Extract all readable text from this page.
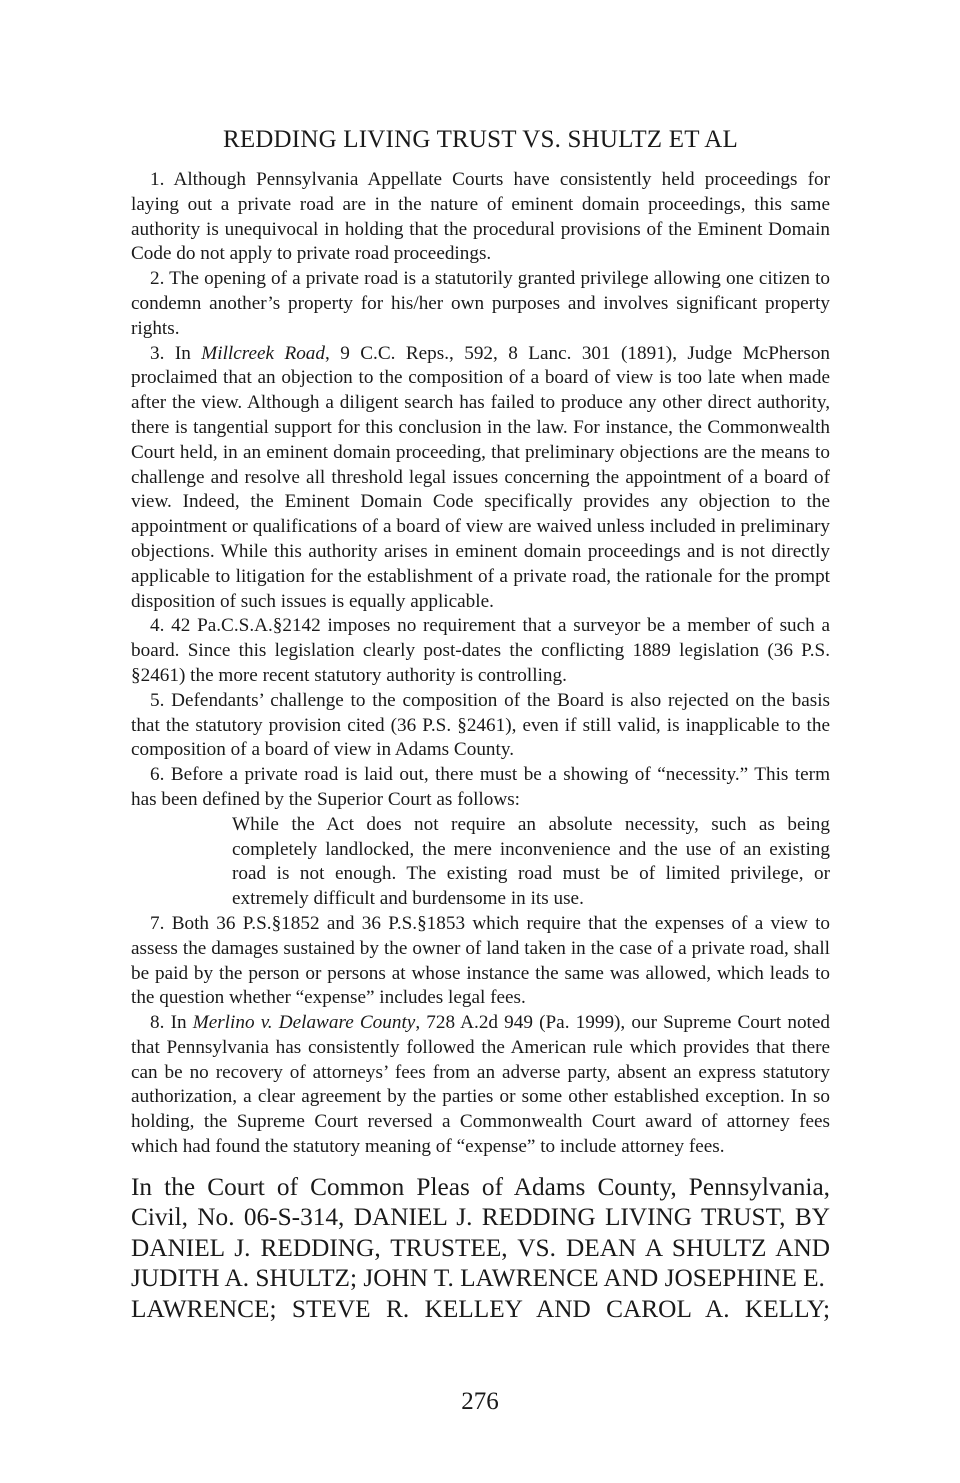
REDDING LIVING TRUST VS. SHULTZ ET AL

1. Although Pennsylvania Appellate Courts have consistently held proceedings for laying out a private road are in the nature of eminent domain proceedings, this same authority is unequivocal in holding that the procedural provisions of the Eminent Domain Code do not apply to private road proceedings.

2. The opening of a private road is a statutorily granted privilege allowing one citizen to condemn another’s property for his/her own purposes and involves significant property rights.

3. In Millcreek Road, 9 C.C. Reps., 592, 8 Lanc. 301 (1891), Judge McPherson proclaimed that an objection to the composition of a board of view is too late when made after the view. Although a diligent search has failed to produce any other direct authority, there is tangential support for this conclusion in the law. For instance, the Commonwealth Court held, in an eminent domain proceeding, that preliminary objections are the means to challenge and resolve all threshold legal issues concerning the appointment of a board of view. Indeed, the Eminent Domain Code specifically provides any objection to the appointment or qualifications of a board of view are waived unless included in preliminary objections. While this authority arises in eminent domain proceedings and is not directly applicable to litigation for the establishment of a private road, the rationale for the prompt disposition of such issues is equally applicable.

4. 42 Pa.C.S.A.§2142 imposes no requirement that a surveyor be a member of such a board. Since this legislation clearly post-dates the conflicting 1889 legislation (36 P.S. §2461) the more recent statutory authority is controlling.

5. Defendants’ challenge to the composition of the Board is also rejected on the basis that the statutory provision cited (36 P.S. §2461), even if still valid, is inapplicable to the composition of a board of view in Adams County.

6. Before a private road is laid out, there must be a showing of “necessity.” This term has been defined by the Superior Court as follows:

While the Act does not require an absolute necessity, such as being completely landlocked, the mere inconvenience and the use of an existing road is not enough. The existing road must be of limited privilege, or extremely difficult and burdensome in its use.

7. Both 36 P.S.§1852 and 36 P.S.§1853 which require that the expenses of a view to assess the damages sustained by the owner of land taken in the case of a private road, shall be paid by the person or persons at whose instance the same was allowed, which leads to the question whether “expense” includes legal fees.

8. In Merlino v. Delaware County, 728 A.2d 949 (Pa. 1999), our Supreme Court noted that Pennsylvania has consistently followed the American rule which provides that there can be no recovery of attorneys’ fees from an adverse party, absent an express statutory authorization, a clear agreement by the parties or some other established exception. In so holding, the Supreme Court reversed a Commonwealth Court award of attorney fees which had found the statutory meaning of “expense” to include attorney fees.

In the Court of Common Pleas of Adams County, Pennsylvania, Civil, No. 06-S-314, DANIEL J. REDDING LIVING TRUST, BY DANIEL J. REDDING, TRUSTEE, VS. DEAN A SHULTZ AND JUDITH A. SHULTZ; JOHN T. LAWRENCE AND JOSEPHINE E.
LAWRENCE; STEVE R. KELLEY AND CAROL A. KELLY;
276
